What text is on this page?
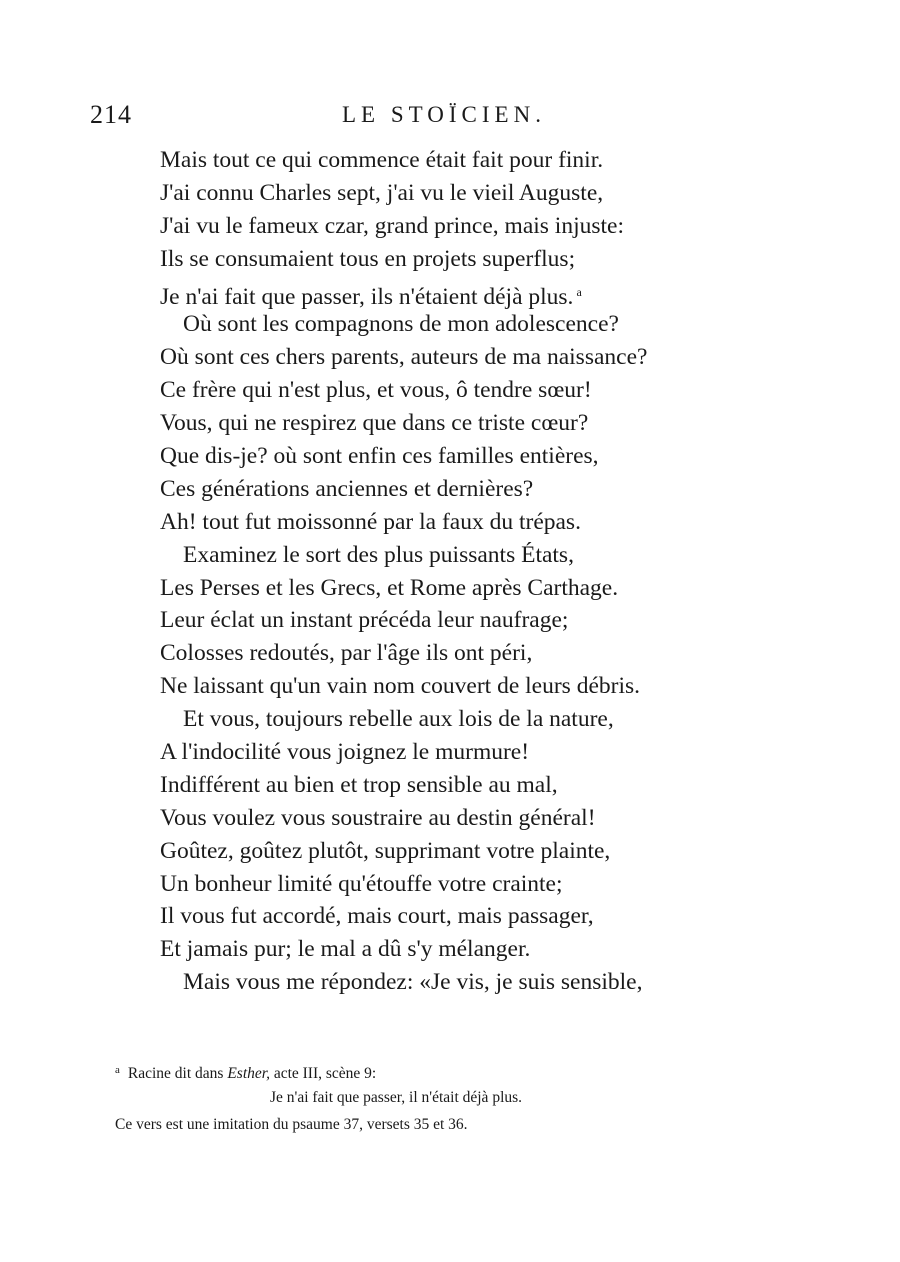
214	LE STOÏCIEN.
Mais tout ce qui commence était fait pour finir.
J'ai connu Charles sept, j'ai vu le vieil Auguste,
J'ai vu le fameux czar, grand prince, mais injuste:
Ils se consumaient tous en projets superflus;
Je n'ai fait que passer, ils n'étaient déjà plus. $^a$
Où sont les compagnons de mon adolescence?
Où sont ces chers parents, auteurs de ma naissance?
Ce frère qui n'est plus, et vous, ô tendre sœur!
Vous, qui ne respirez que dans ce triste cœur?
Que dis-je? où sont enfin ces familles entières,
Ces générations anciennes et dernières?
Ah! tout fut moissonné par la faux du trépas.
Examinez le sort des plus puissants États,
Les Perses et les Grecs, et Rome après Carthage.
Leur éclat un instant précéda leur naufrage;
Colosses redoutés, par l'âge ils ont péri,
Ne laissant qu'un vain nom couvert de leurs débris.
Et vous, toujours rebelle aux lois de la nature,
A l'indocilité vous joignez le murmure!
Indifférent au bien et trop sensible au mal,
Vous voulez vous soustraire au destin général!
Goûtez, goûtez plutôt, supprimant votre plainte,
Un bonheur limité qu'étouffe votre crainte;
Il vous fut accordé, mais court, mais passager,
Et jamais pur; le mal a dû s'y mélanger.
Mais vous me répondez: «Je vis, je suis sensible,
$^a$ Racine dit dans Esther, acte III, scène 9:
Je n'ai fait que passer, il n'était déjà plus.
Ce vers est une imitation du psaume 37, versets 35 et 36.
